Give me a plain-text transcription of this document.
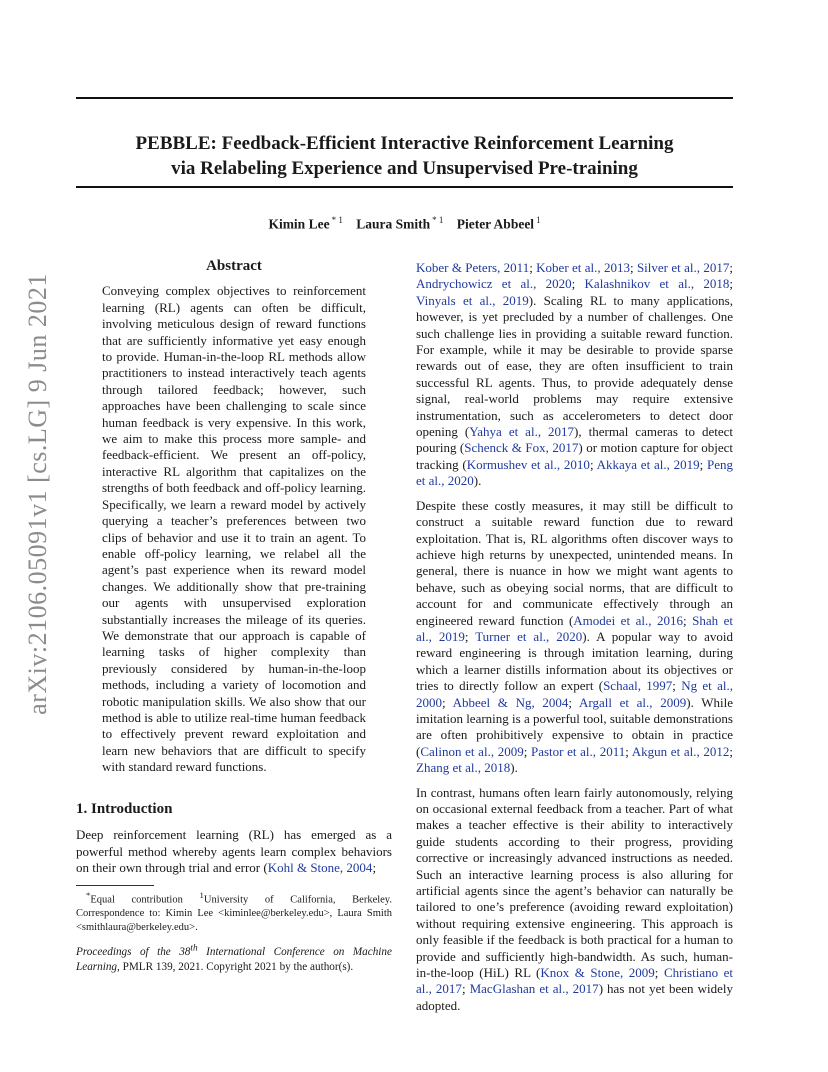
PEBBLE: Feedback-Efficient Interactive Reinforcement Learning
via Relabeling Experience and Unsupervised Pre-training
Kimin Lee $^{* 1}$ Laura Smith $^{* 1}$ Pieter Abbeel $^1$
arXiv:2106.05091v1 [cs.LG] 9 Jun 2021
Abstract

Conveying complex objectives to reinforcement learning (RL) agents can often be difficult, involving meticulous design of reward functions that are sufficiently informative yet easy enough to provide. Human-in-the-loop RL methods allow practitioners to instead interactively teach agents through tailored feedback; however, such approaches have been challenging to scale since human feedback is very expensive. In this work, we aim to make this process more sample- and feedback-efficient. We present an off-policy, interactive RL algorithm that capitalizes on the strengths of both feedback and off-policy learning. Specifically, we learn a reward model by actively querying a teacher’s preferences between two clips of behavior and use it to train an agent. To enable off-policy learning, we relabel all the agent’s past experience when its reward model changes. We additionally show that pre-training our agents with unsupervised exploration substantially increases the mileage of its queries. We demonstrate that our approach is capable of learning tasks of higher complexity than previously considered by human-in-the-loop methods, including a variety of locomotion and robotic manipulation skills. We also show that our method is able to utilize real-time human feedback to effectively prevent reward exploitation and learn new behaviors that are difficult to specify with standard reward functions.

1. Introduction

Deep reinforcement learning (RL) has emerged as a powerful method whereby agents learn complex behaviors on their own through trial and error (Kohl & Stone, 2004;

*Equal contribution $^1$University of California, Berkeley. Correspondence to: Kimin Lee <kiminlee@berkeley.edu>, Laura Smith <smithlaura@berkeley.edu>.

Proceedings of the 38th International Conference on Machine Learning, PMLR 139, 2021. Copyright 2021 by the author(s).

Kober & Peters, 2011; Kober et al., 2013; Silver et al., 2017; Andrychowicz et al., 2020; Kalashnikov et al., 2018; Vinyals et al., 2019). Scaling RL to many applications, however, is yet precluded by a number of challenges. One such challenge lies in providing a suitable reward function. For example, while it may be desirable to provide sparse rewards out of ease, they are often insufficient to train successful RL agents. Thus, to provide adequately dense signal, real-world problems may require extensive instrumentation, such as accelerometers to detect door opening (Yahya et al., 2017), thermal cameras to detect pouring (Schenck & Fox, 2017) or motion capture for object tracking (Kormushev et al., 2010; Akkaya et al., 2019; Peng et al., 2020).

Despite these costly measures, it may still be difficult to construct a suitable reward function due to reward exploitation. That is, RL algorithms often discover ways to achieve high returns by unexpected, unintended means. In general, there is nuance in how we might want agents to behave, such as obeying social norms, that are difficult to account for and communicate effectively through an engineered reward function (Amodei et al., 2016; Shah et al., 2019; Turner et al., 2020). A popular way to avoid reward engineering is through imitation learning, during which a learner distills information about its objectives or tries to directly follow an expert (Schaal, 1997; Ng et al., 2000; Abbeel & Ng, 2004; Argall et al., 2009). While imitation learning is a powerful tool, suitable demonstrations are often prohibitively expensive to obtain in practice (Calinon et al., 2009; Pastor et al., 2011; Akgun et al., 2012; Zhang et al., 2018).

In contrast, humans often learn fairly autonomously, relying on occasional external feedback from a teacher. Part of what makes a teacher effective is their ability to interactively guide students according to their progress, providing corrective or increasingly advanced instructions as needed. Such an interactive learning process is also alluring for artificial agents since the agent’s behavior can naturally be tailored to one’s preference (avoiding reward exploitation) without requiring extensive engineering. This approach is only feasible if the feedback is both practical for a human to provide and sufficiently high-bandwidth. As such, human-in-the-loop (HiL) RL (Knox & Stone, 2009; Christiano et al., 2017; MacGlashan et al., 2017) has not yet been widely adopted.
